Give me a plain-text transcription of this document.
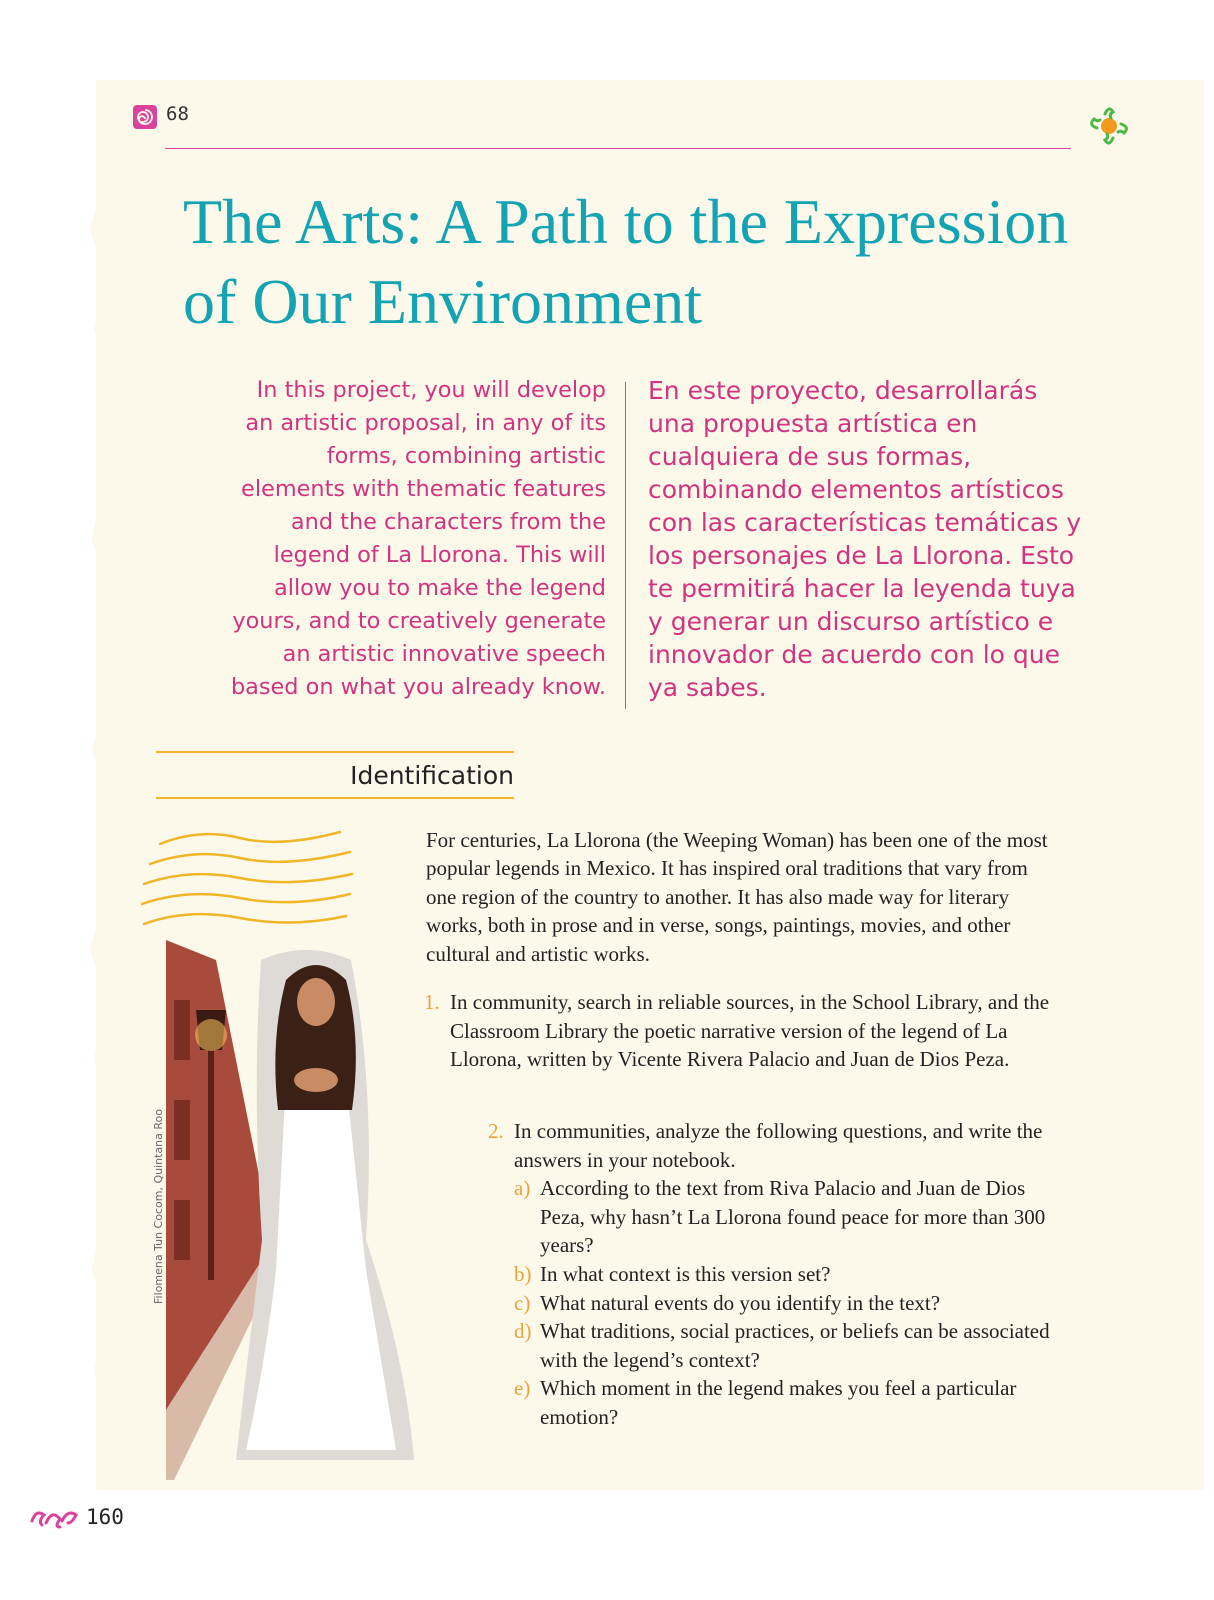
68
The Arts: A Path to the Expression of Our Environment
In this project, you will develop an artistic proposal, in any of its forms, combining artistic elements with thematic features and the characters from the legend of La Llorona. This will allow you to make the legend yours, and to creatively generate an artistic innovative speech based on what you already know.
En este proyecto, desarrollarás una propuesta artística en cualquiera de sus formas, combinando elementos artísticos con las características temáticas y los personajes de La Llorona. Esto te permitirá hacer la leyenda tuya y generar un discurso artístico e innovador de acuerdo con lo que ya sabes.
Identification
Filomena Tun Cocom, Quintana Roo

For centuries, La Llorona (the Weeping Woman) has been one of the most popular legends in Mexico. It has inspired oral traditions that vary from one region of the country to another. It has also made way for literary works, both in prose and in verse, songs, paintings, movies, and other cultural and artistic works.

1. In community, search in reliable sources, in the School Library, and the Classroom Library the poetic narrative version of the legend of La Llorona, written by Vicente Rivera Palacio and Juan de Dios Peza.
2. In communities, analyze the following questions, and write the answers in your notebook.
a) According to the text from Riva Palacio and Juan de Dios Peza, why hasn’t La Llorona found peace for more than 300 years?
b) In what context is this version set?
c) What natural events do you identify in the text?
d) What traditions, social practices, or beliefs can be associated with the legend’s context?
e) Which moment in the legend makes you feel a particular emotion?
160
